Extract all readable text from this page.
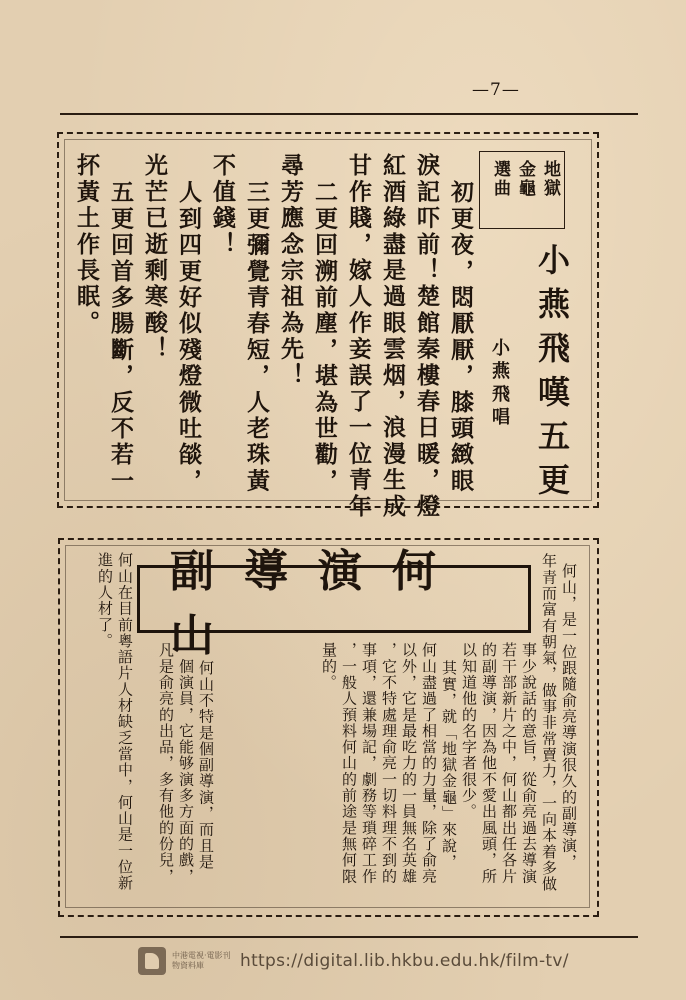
—7—
地獄
金龜
選曲
小燕飛嘆五更
小燕飛唱
初更夜，悶厭厭，膝頭緻眼
淚記吓前！楚館秦樓春日暖，燈
紅酒綠盡是過眼雲烟，浪漫生成
甘作賤，嫁人作妾誤了一位青年
二更回溯前塵，堪為世勸，
尋芳應念宗祖為先！
三更彌覺青春短，人老珠黃
不值錢！
人到四更好似殘燈微吐燄，
光芒已逝剩寒酸！
五更回首多腸斷，反不若一
抔黃土作長眠。
副導演何山	何山，是一位跟隨俞亮導演很久的副導演，
年青而富有朝氣，做事非常賣力，一向本着多做
事少說話的意旨，從俞亮過去導演
若干部新片之中，何山都出任各片
的副導演，因為他不愛出風頭，所
以知道他的名字者很少。
其實，就「地獄金龜」來說，
何山盡過了相當的力量，除了俞亮
以外，它是最吃力的一員無名英雄
，它不特處理俞亮一切料理不到的
事項，還兼場記，劇務等瑣碎工作
，一般人預料何山的前途是無何限
量的。
何山不特是個副導演，而且是
一個演員，它能够演多方面的戲，
凡是俞亮的出品，多有他的份兒，
何山在目前粵語片人材缺乏當中，何山是一位新
進的人材了。
中港電視·電影刊物資料庫	https://digital.lib.hkbu.edu.hk/film-tv/
